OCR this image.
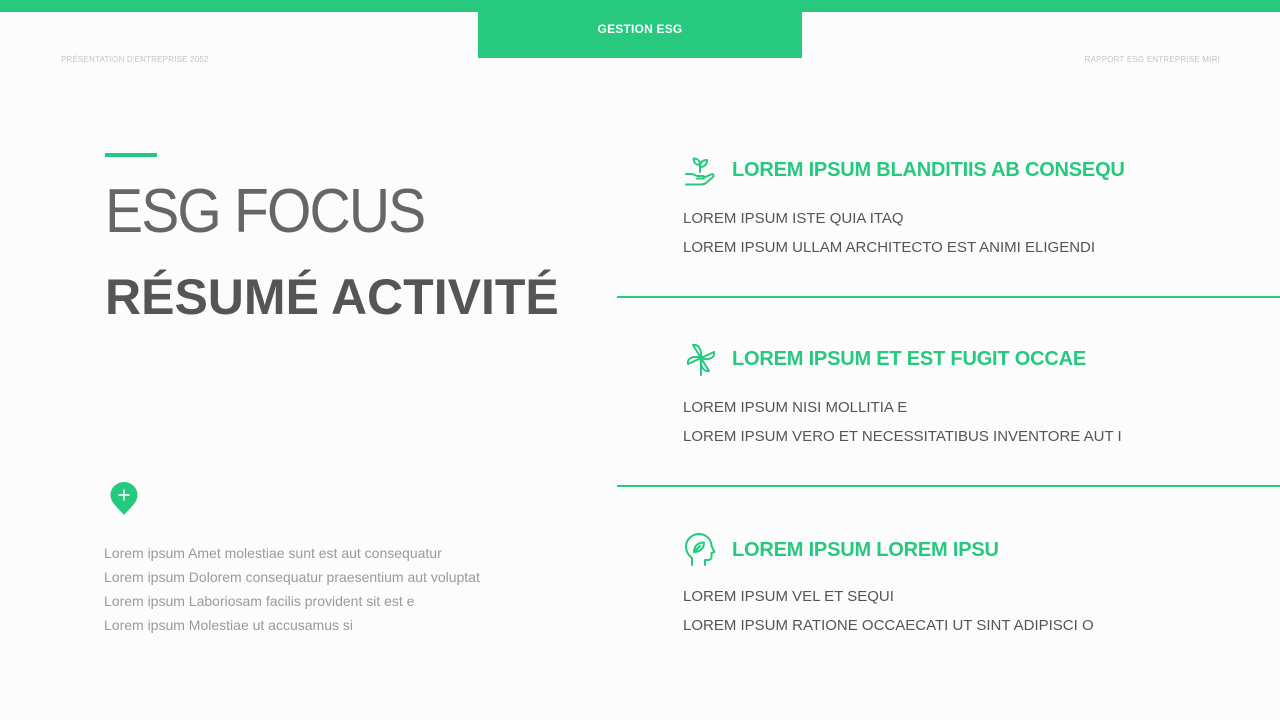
GESTION ESG
PRÉSENTATION D'ENTREPRISE 2052	RAPPORT ESG ENTREPRISE MIRI
ESG FOCUS
RÉSUMÉ ACTIVITÉ
Lorem ipsum Amet molestiae sunt est aut consequatur
Lorem ipsum Dolorem consequatur praesentium aut voluptat
Lorem ipsum Laboriosam facilis provident sit est e
Lorem ipsum Molestiae ut accusamus si
LOREM IPSUM BLANDITIIS AB CONSEQU
LOREM IPSUM ISTE QUIA ITAQ
LOREM IPSUM ULLAM ARCHITECTO EST ANIMI ELIGENDI
LOREM IPSUM ET EST FUGIT OCCAE
LOREM IPSUM NISI MOLLITIA E
LOREM IPSUM VERO ET NECESSITATIBUS INVENTORE AUT I
LOREM IPSUM LOREM IPSU
LOREM IPSUM VEL ET SEQUI
LOREM IPSUM RATIONE OCCAECATI UT SINT ADIPISCI O
